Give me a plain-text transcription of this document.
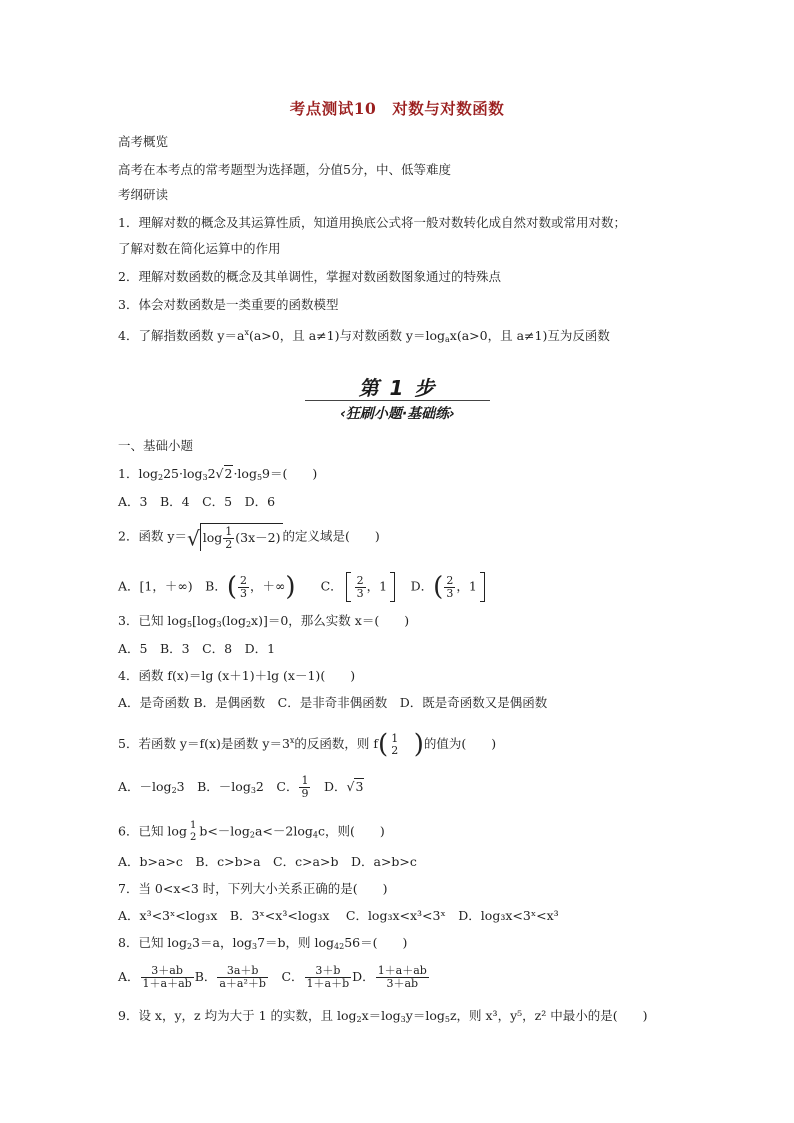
考点测试10　对数与对数函数
高考概览
高考在本考点的常考题型为选择题，分值5分，中、低等难度
考纲研读
1．理解对数的概念及其运算性质，知道用换底公式将一般对数转化成自然对数或常用对数；
了解对数在简化运算中的作用
2．理解对数函数的概念及其单调性，掌握对数函数图象通过的特殊点
3．体会对数函数是一类重要的函数模型
4．了解指数函数 $y=a^x(a>0$，且 a≠1)与对数函数 $y=\log_ax(a>0$，且 a≠1)互为反函数
第 1 步
‹狂刷小题·基础练›
一、基础小题
1．$\log_225\cdot\log_32√2\cdot\log_59=$(　　)
A．3　B．4　C．5　D．6
2．函数 y＝√ $\log \frac{1}{2} (3x-2)$ 的定义域是(　　)
A．[1，＋∞)　B．( $\frac{2}{3}$ ，＋∞)　　 C． $\frac{2}{3}$ ，1　 D．( $\frac{2}{3}$ ，1
3．已知 $\log_5[\log_3(\log_2x)]=0$，那么实数 x＝(　　)
A．5　B．3　C．8　D．1
4．函数 f(x)＝lg (x＋1)＋lg (x－1)(　　)
A．是奇函数 B．是偶函数　C．是非奇非偶函数　D．既是奇函数又是偶函数
5．若函数 y＝f(x)是函数 $y=3^x$的反函数，则 f( 1
2
　 )的值为(　　)
A．$-\log_23$　B．$-\log_32$　C． $\frac{1}{9}$ 　D．√3
6．已知 log 1
2 $b<-\log_2a<-2\log_4c$，则(　　)
A．b>a>c　B．c>b>a　C．c>a>b　D．a>b>c
7．当 0<x<3 时，下列大小关系正确的是(　　)
A．x³<3ˣ<log₃x　B．3ˣ<x³<log₃x　 C．log₃x<x³<3ˣ　D．log₃x<3ˣ<x³
8．已知 $\log_23=a$，$\log_37=b$，则 $\log_{42}56=$(　　)
A． $\frac{3+ab}{1+a+ab}$ B． $\frac{3a+b}{\text{a＋a²＋b}}$
　 C． $\frac{3+b}{1+a+b}$ D． $\frac{1+a+ab}{3+ab}$
9．设 x，y，z 均为大于 1 的实数，且 $\log_2x=\log_3y=\log_5z$，则 x³，y⁵，z² 中最小的是(　　)
